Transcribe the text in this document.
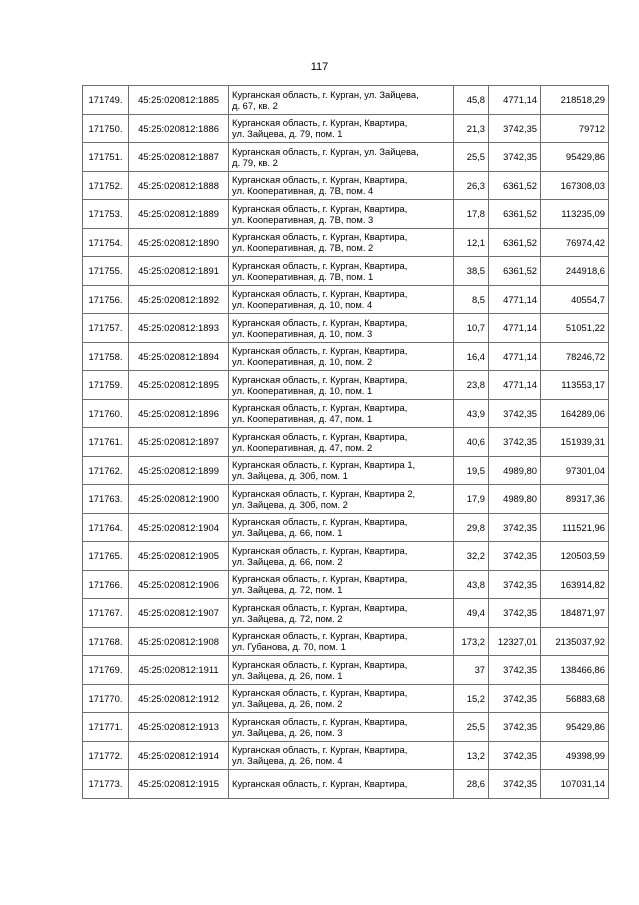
117
171749.	45:25:020812:1885	Курганская область, г. Курган, ул. Зайцева,
д. 67, кв. 2	45,8	4771,14	218518,29
171750.	45:25:020812:1886	Курганская область, г. Курган, Квартира,
ул. Зайцева, д. 79, пом. 1	21,3	3742,35	79712
171751.	45:25:020812:1887	Курганская область, г. Курган, ул. Зайцева,
д. 79, кв. 2	25,5	3742,35	95429,86
171752.	45:25:020812:1888	Курганская область, г. Курган, Квартира,
ул. Кооперативная, д. 7В, пом. 4	26,3	6361,52	167308,03
171753.	45:25:020812:1889	Курганская область, г. Курган, Квартира,
ул. Кооперативная, д. 7В, пом. 3	17,8	6361,52	113235,09
171754.	45:25:020812:1890	Курганская область, г. Курган, Квартира,
ул. Кооперативная, д. 7В, пом. 2	12,1	6361,52	76974,42
171755.	45:25:020812:1891	Курганская область, г. Курган, Квартира,
ул. Кооперативная, д. 7В, пом. 1	38,5	6361,52	244918,6
171756.	45:25:020812:1892	Курганская область, г. Курган, Квартира,
ул. Кооперативная, д. 10, пом. 4	8,5	4771,14	40554,7
171757.	45:25:020812:1893	Курганская область, г. Курган, Квартира,
ул. Кооперативная, д. 10, пом. 3	10,7	4771,14	51051,22
171758.	45:25:020812:1894	Курганская область, г. Курган, Квартира,
ул. Кооперативная, д. 10, пом. 2	16,4	4771,14	78246,72
171759.	45:25:020812:1895	Курганская область, г. Курган, Квартира,
ул. Кооперативная, д. 10, пом. 1	23,8	4771,14	113553,17
171760.	45:25:020812:1896	Курганская область, г. Курган, Квартира,
ул. Кооперативная, д. 47, пом. 1	43,9	3742,35	164289,06
171761.	45:25:020812:1897	Курганская область, г. Курган, Квартира,
ул. Кооперативная, д. 47, пом. 2	40,6	3742,35	151939,31
171762.	45:25:020812:1899	Курганская область, г. Курган, Квартира 1,
ул. Зайцева, д. 30б, пом. 1	19,5	4989,80	97301,04
171763.	45:25:020812:1900	Курганская область, г. Курган, Квартира 2,
ул. Зайцева, д. 30б, пом. 2	17,9	4989,80	89317,36
171764.	45:25:020812:1904	Курганская область, г. Курган, Квартира,
ул. Зайцева, д. 66, пом. 1	29,8	3742,35	111521,96
171765.	45:25:020812:1905	Курганская область, г. Курган, Квартира,
ул. Зайцева, д. 66, пом. 2	32,2	3742,35	120503,59
171766.	45:25:020812:1906	Курганская область, г. Курган, Квартира,
ул. Зайцева, д. 72, пом. 1	43,8	3742,35	163914,82
171767.	45:25:020812:1907	Курганская область, г. Курган, Квартира,
ул. Зайцева, д. 72, пом. 2	49,4	3742,35	184871,97
171768.	45:25:020812:1908	Курганская область, г. Курган, Квартира,
ул. Губанова, д. 70, пом. 1	173,2	12327,01	2135037,92
171769.	45:25:020812:1911	Курганская область, г. Курган, Квартира,
ул. Зайцева, д. 26, пом. 1	37	3742,35	138466,86
171770.	45:25:020812:1912	Курганская область, г. Курган, Квартира,
ул. Зайцева, д. 26, пом. 2	15,2	3742,35	56883,68
171771.	45:25:020812:1913	Курганская область, г. Курган, Квартира,
ул. Зайцева, д. 26, пом. 3	25,5	3742,35	95429,86
171772.	45:25:020812:1914	Курганская область, г. Курган, Квартира,
ул. Зайцева, д. 26, пом. 4	13,2	3742,35	49398,99
171773.	45:25:020812:1915	Курганская область, г. Курган, Квартира,	28,6	3742,35	107031,14
